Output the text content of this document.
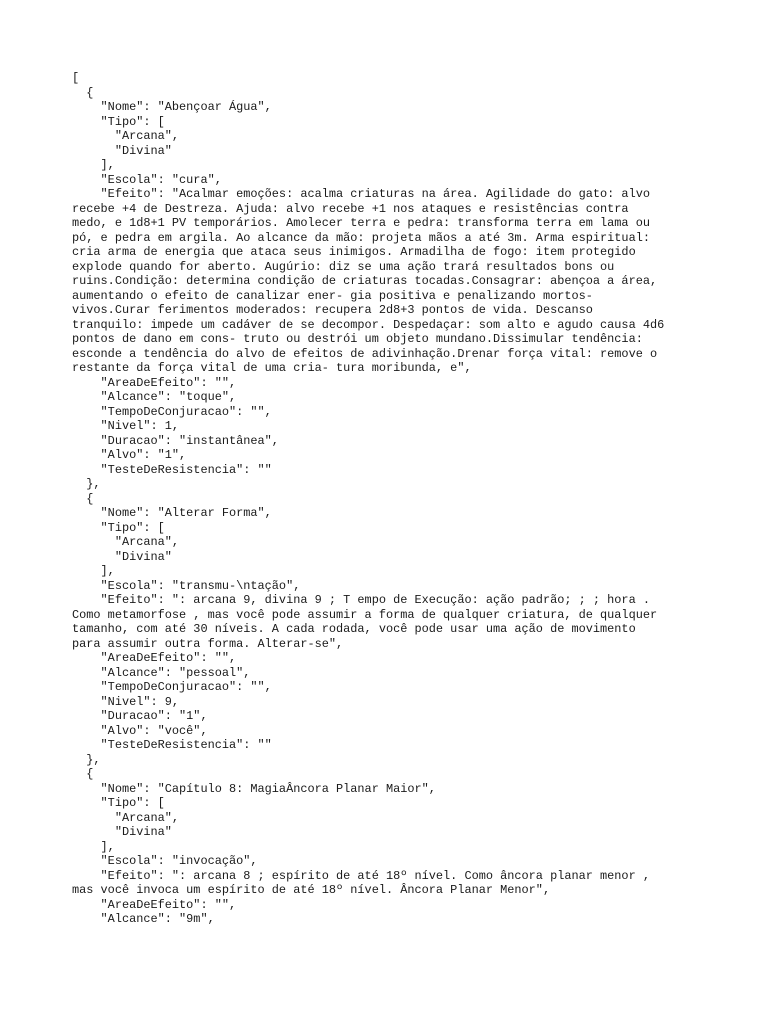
[
{
"Nome": "Abençoar Água",
"Tipo": [
"Arcana",
"Divina"
],
"Escola": "cura",
"Efeito": "Acalmar emoções: acalma criaturas na área. Agilidade do gato: alvo
recebe +4 de Destreza. Ajuda: alvo recebe +1 nos ataques e resistências contra
medo, e 1d8+1 PV temporários. Amolecer terra e pedra: transforma terra em lama ou
pó, e pedra em argila. Ao alcance da mão: projeta mãos a até 3m. Arma espiritual:
cria arma de energia que ataca seus inimigos. Armadilha de fogo: item protegido
explode quando for aberto. Augúrio: diz se uma ação trará resultados bons ou
ruins.Condição: determina condição de criaturas tocadas.Consagrar: abençoa a área,
aumentando o efeito de canalizar ener- gia positiva e penalizando mortos-
vivos.Curar ferimentos moderados: recupera 2d8+3 pontos de vida. Descanso
tranquilo: impede um cadáver de se decompor. Despedaçar: som alto e agudo causa 4d6
pontos de dano em cons- truto ou destrói um objeto mundano.Dissimular tendência:
esconde a tendência do alvo de efeitos de adivinhação.Drenar força vital: remove o
restante da força vital de uma cria- tura moribunda, e",
"AreaDeEfeito": "",
"Alcance": "toque",
"TempoDeConjuracao": "",
"Nivel": 1,
"Duracao": "instantânea",
"Alvo": "1",
"TesteDeResistencia": ""
},
{
"Nome": "Alterar Forma",
"Tipo": [
"Arcana",
"Divina"
],
"Escola": "transmu-\ntação",
"Efeito": ": arcana 9, divina 9 ; T empo de Execução: ação padrão; ; ; hora .
Como metamorfose , mas você pode assumir a forma de qualquer criatura, de qualquer
tamanho, com até 30 níveis. A cada rodada, você pode usar uma ação de movimento
para assumir outra forma. Alterar-se",
"AreaDeEfeito": "",
"Alcance": "pessoal",
"TempoDeConjuracao": "",
"Nivel": 9,
"Duracao": "1",
"Alvo": "você",
"TesteDeResistencia": ""
},
{
"Nome": "Capítulo 8: MagiaÂncora Planar Maior",
"Tipo": [
"Arcana",
"Divina"
],
"Escola": "invocação",
"Efeito": ": arcana 8 ; espírito de até 18º nível. Como âncora planar menor ,
mas você invoca um espírito de até 18º nível. Âncora Planar Menor",
"AreaDeEfeito": "",
"Alcance": "9m",
